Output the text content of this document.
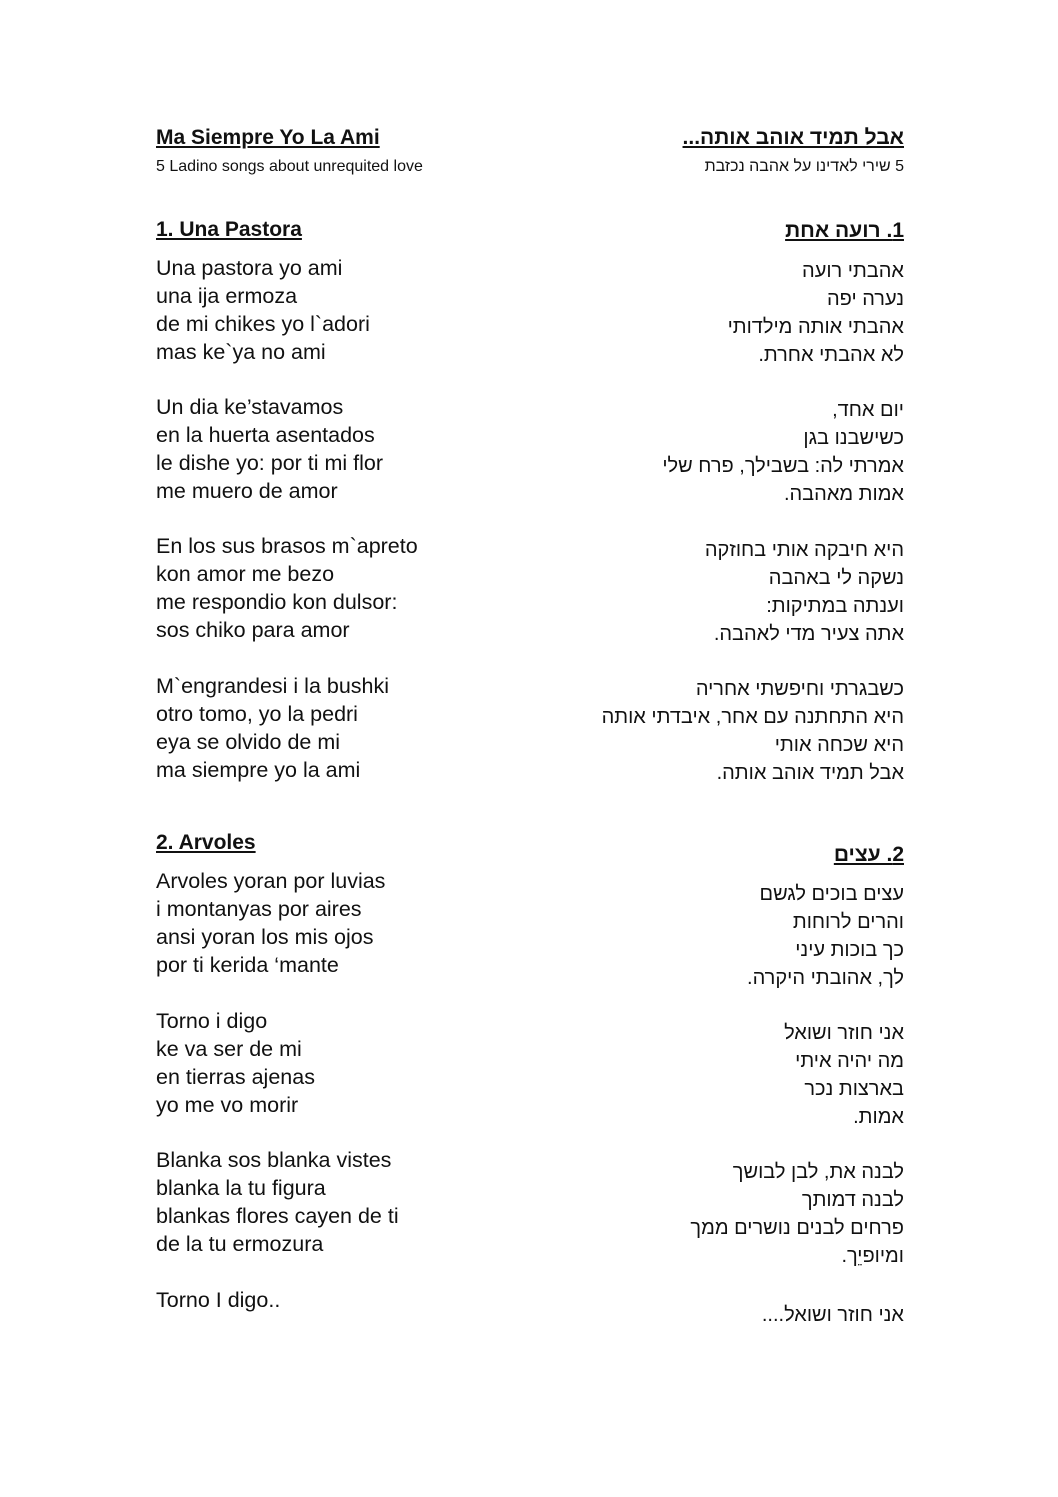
Ma Siempre Yo La Ami
5 Ladino songs about unrequited love
אבל תמיד אוהב אותה...
5 שירי לאדינו על אהבה נכזבת
1. Una Pastora	1. רועה אחת
Una pastora yo ami
una ija ermoza
de mi chikes yo l`adori
mas ke`ya no ami
Un dia ke’stavamos
en la huerta asentados
le dishe yo: por ti mi flor
me muero de amor
En los sus brasos m`apreto
kon amor me bezo
me respondio kon dulsor:
sos chiko para amor
M`engrandesi i la bushki
otro tomo, yo la pedri
eya se olvido de mi
ma siempre yo la ami
אהבתי רועה
נערה יפה
אהבתי אותה מילדותי
לא אהבתי אחרת.
יום אחד,
כשישבנו בגן
אמרתי לה: בשבילך, פרח שלי
אמות מאהבה.
היא חיבקה אותי בחוזקה
נשקה לי באהבה
וענתה במתיקות:
אתה צעיר מדי לאהבה.
כשבגרתי וחיפשתי אחריה
היא התחתנה עם אחר, איבדתי אותה
היא שכחה אותי
אבל תמיד אוהב אותה.
2. Arvoles
2. עצים
Arvoles yoran por luvias
i montanyas por aires
ansi yoran los mis ojos
por ti kerida ‘mante
Torno i digo
ke va ser de mi
en tierras ajenas
yo me vo morir
Blanka sos blanka vistes
blanka la tu figura
blankas flores cayen de ti
de la tu ermozura
Torno I digo..
עצים בוכים לגשם
והרים לרוחות
כך בוכות עיני
לך, אהובתי היקרה.
אני חוזר ושואל
מה יהיה איתי
בארצות נכר
אמות.
לבנה את, לבן לבושך
לבנה דמותך
פרחים לבנים נושרים ממך
ומיופיֵך.
אני חוזר ושואל....
